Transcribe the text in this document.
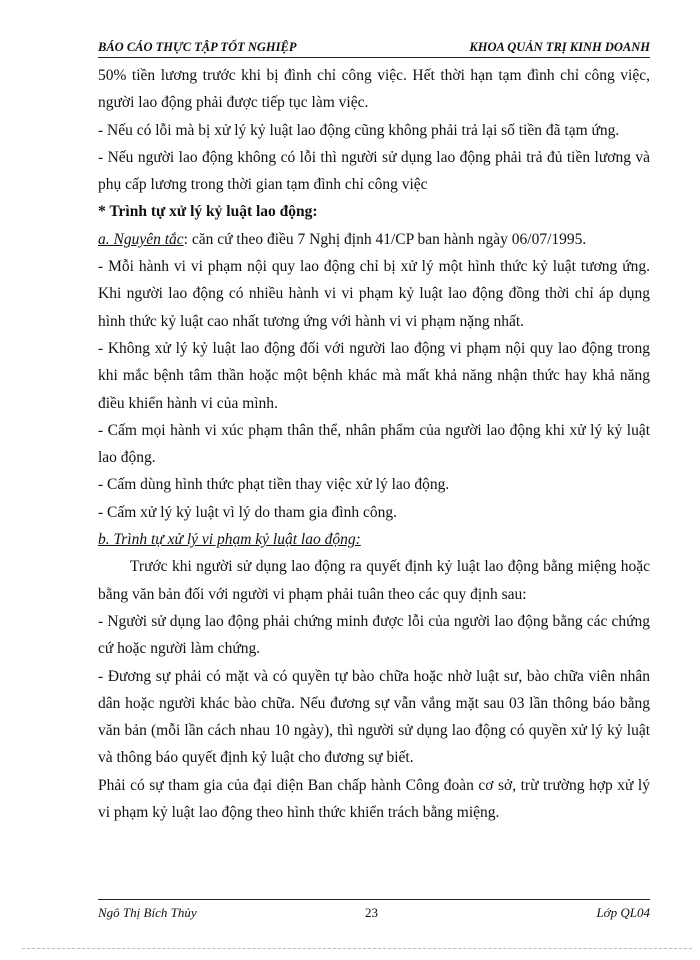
BÁO CÁO THỰC TẬP TỐT NGHIỆP	KHOA QUẢN TRỊ KINH DOANH

50% tiền lương trước khi bị đình chỉ công việc. Hết thời hạn tạm đình chỉ công việc, người lao động phải được tiếp tục làm việc.

- Nếu có lỗi mà bị xử lý kỷ luật lao động cũng không phải trả lại số tiền đã tạm ứng.

- Nếu người lao động không có lỗi thì người sử dụng lao động phải trả đủ tiền lương và phụ cấp lương trong thời gian tạm đình chỉ công việc

* Trình tự xử lý kỷ luật lao động:

a. Nguyên tắc: căn cứ theo điều 7 Nghị định 41/CP ban hành ngày 06/07/1995.

- Mỗi hành vi vi phạm nội quy lao động chỉ bị xử lý một hình thức kỷ luật tương ứng. Khi người lao động có nhiều hành vi vi phạm kỷ luật lao động đồng thời chỉ áp dụng hình thức kỷ luật cao nhất tương ứng với hành vi vi phạm nặng nhất.

- Không xử lý kỷ luật lao động đối với người lao động vi phạm nội quy lao động trong khi mắc bệnh tâm thần hoặc một bệnh khác mà mất khả năng nhận thức hay khả năng điều khiển hành vi của mình.

- Cấm mọi hành vi xúc phạm thân thể, nhân phẩm của người lao động khi xử lý kỷ luật lao động.

- Cấm dùng hình thức phạt tiền thay việc xử lý lao động.

- Cấm xử lý kỷ luật vì lý do tham gia đình công.

b. Trình tự xử lý vi phạm kỷ luật lao động:

Trước khi người sử dụng lao động ra quyết định kỷ luật lao động bằng miệng hoặc bằng văn bản đối với người vi phạm phải tuân theo các quy định sau:

- Người sử dụng lao động phải chứng minh được lỗi của người lao động bằng các chứng cứ hoặc người làm chứng.

- Đương sự phải có mặt và có quyền tự bào chữa hoặc nhờ luật sư, bào chữa viên nhân dân hoặc người khác bào chữa. Nếu đương sự vẫn vắng mặt sau 03 lần thông báo bằng văn bản (mỗi lần cách nhau 10 ngày), thì người sử dụng lao động có quyền xử lý kỷ luật và thông báo quyết định kỷ luật cho đương sự biết.

Phải có sự tham gia của đại diện Ban chấp hành Công đoàn cơ sở, trừ trường hợp xử lý vi phạm kỷ luật lao động theo hình thức khiển trách bằng miệng.

Ngô Thị Bích Thủy	23	Lớp QL04
